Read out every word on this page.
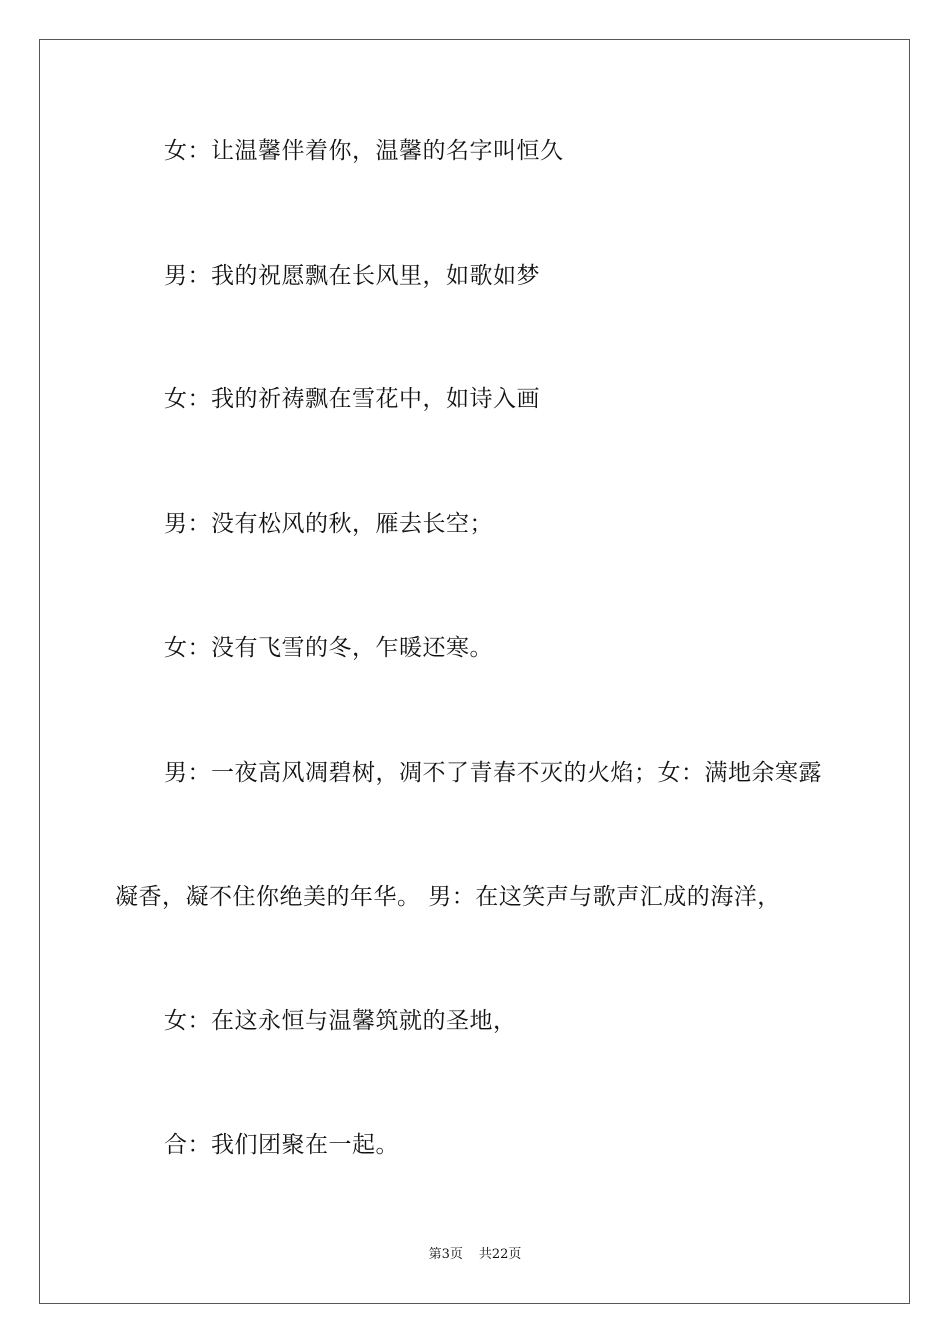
女：让温馨伴着你，温馨的名字叫恒久
男：我的祝愿飘在长风里，如歌如梦
女：我的祈祷飘在雪花中，如诗入画
男：没有松风的秋，雁去长空；
女：没有飞雪的冬，乍暖还寒。
男：一夜高风凋碧树，凋不了青春不灭的火焰；女：满地余寒露
凝香，凝不住你绝美的年华。 男：在这笑声与歌声汇成的海洋，
女：在这永恒与温馨筑就的圣地，
合：我们团聚在一起。
第3页 共22页
